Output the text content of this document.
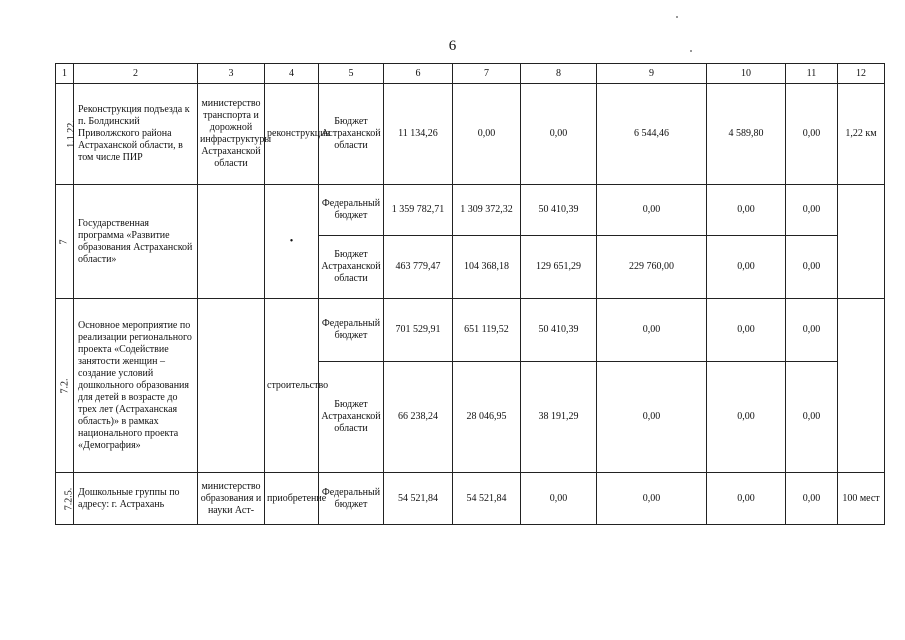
6
1	2	3	4	5	6	7	8	9	10	11	12
1.1.22.	Реконструкция подъезда к п. Болдинский Приволжского района Астраханской области, в том числе ПИР	министерство транспорта и дорожной инфраструктуры Астраханской области	реконструкция	Бюджет Астраханской области	11 134,26	0,00	0,00	6 544,46	4 589,80	0,00	1,22 км
7	Государственная программа «Развитие образования Астраханской области»		•	Федеральный бюджет	1 359 782,71	1 309 372,32	50 410,39	0,00	0,00	0,00	
				Бюджет Астраханской области	463 779,47	104 368,18	129 651,29	229 760,00	0,00	0,00	
7.2.	Основное мероприятие по реализации регионального проекта «Содействие занятости женщин – создание условий дошкольного образования для детей в возрасте до трех лет (Астраханская область)» в рамках национального проекта «Демография»		строительство	Федеральный бюджет	701 529,91	651 119,52	50 410,39	0,00	0,00	0,00	
				Бюджет Астраханской области	66 238,24	28 046,95	38 191,29	0,00	0,00	0,00	
7.2.5.	Дошкольные группы по адресу: г. Астрахань	министерство образования и науки Аст-	приобретение	Федеральный бюджет	54 521,84	54 521,84	0,00	0,00	0,00	0,00	100 мест
